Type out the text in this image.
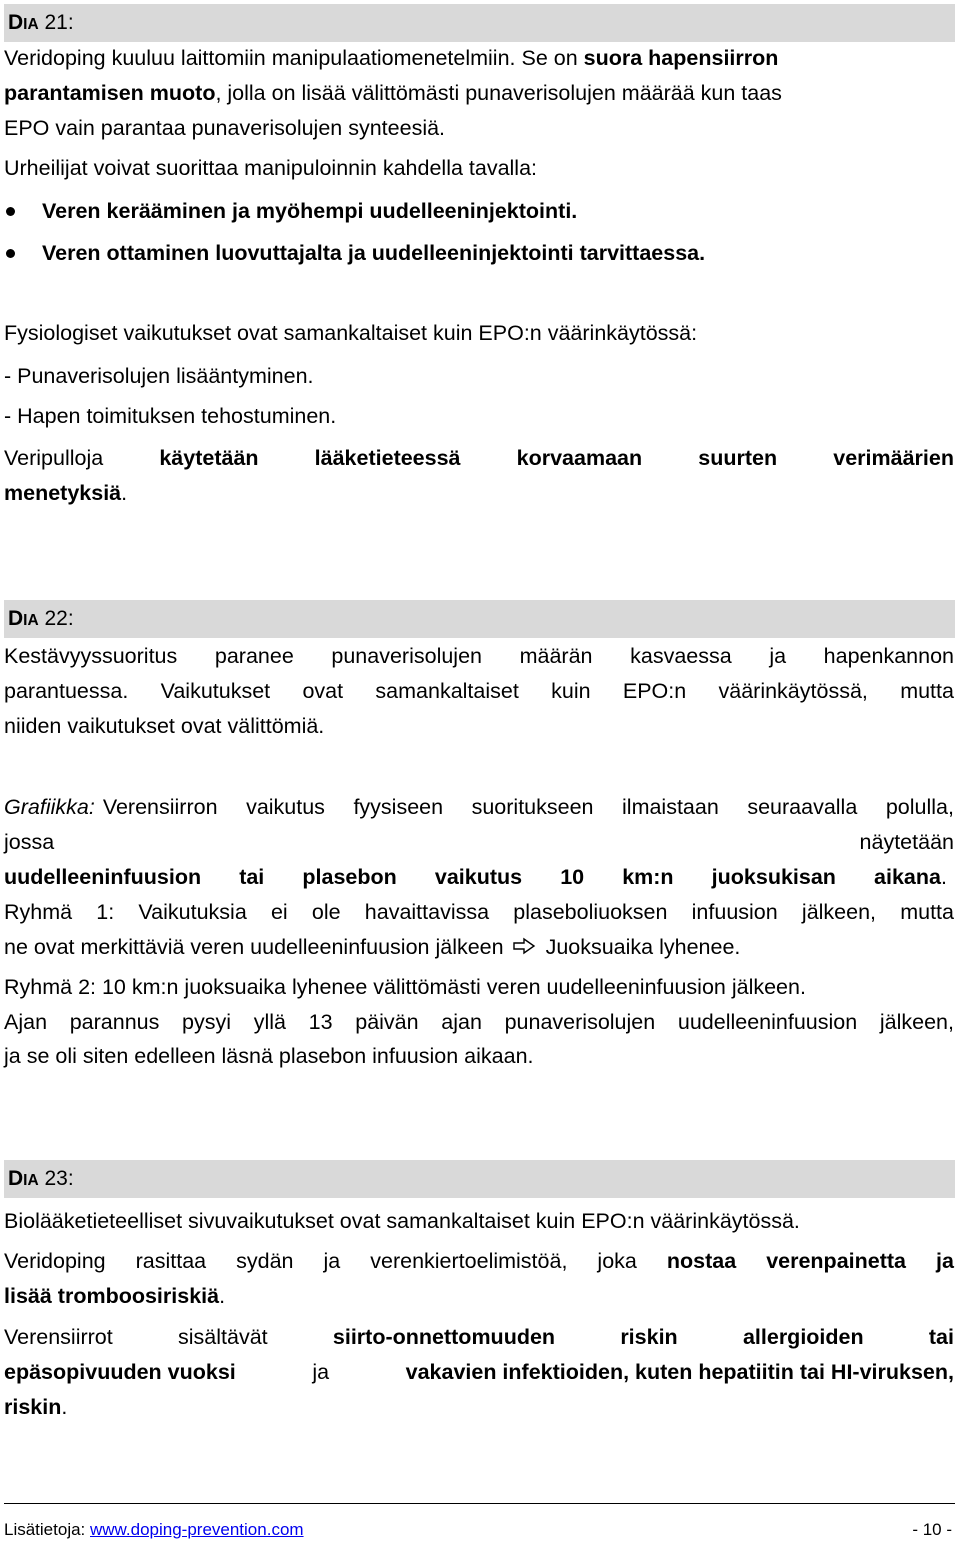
DIA 21:
Veridoping kuuluu laittomiin manipulaatiomenetelmiin. Se on suora hapensiirron
parantamisen muoto, jolla on lisää välittömästi punaverisolujen määrää kun taas
EPO vain parantaa punaverisolujen synteesiä.
Urheilijat voivat suorittaa manipuloinnin kahdella tavalla:
Veren kerääminen ja myöhempi uudelleeninjektointi.
Veren ottaminen luovuttajalta ja uudelleeninjektointi tarvittaessa.
Fysiologiset vaikutukset ovat samankaltaiset kuin EPO:n väärinkäytössä:
- Punaverisolujen lisääntyminen.
- Hapen toimituksen tehostuminen.
Veripulloja	käytetään	lääketieteessä	korvaamaan	suurten	verimäärien
menetyksiä.
DIA 22:
Kestävyyssuoritus paranee punaverisolujen määrän kasvaessa ja hapenkannon
parantuessa. Vaikutukset ovat samankaltaiset kuin EPO:n väärinkäytössä, mutta
niiden vaikutukset ovat välittömiä.
Grafiikka: Verensiirron vaikutus fyysiseen suoritukseen ilmaistaan seuraavalla polulla,
jossa	näytetään
uudelleeninfuusion tai plasebon vaikutus 10 km:n juoksukisan aikana .
Ryhmä 1: Vaikutuksia ei ole havaittavissa plaseboliuoksen infuusion jälkeen, mutta
ne ovat merkittäviä veren uudelleeninfuusion jälkeen Juoksuaika lyhenee.
Ryhmä 2: 10 km:n juoksuaika lyhenee välittömästi veren uudelleeninfuusion jälkeen.
Ajan parannus pysyi yllä 13 päivän ajan punaverisolujen uudelleeninfuusion jälkeen,
ja se oli siten edelleen läsnä plasebon infuusion aikaan.
DIA 23:
Biolääketieteelliset sivuvaikutukset ovat samankaltaiset kuin EPO:n väärinkäytössä.
Veridoping rasittaa sydän ja verenkiertoelimistöä, joka nostaa verenpainetta ja
lisää tromboosiriskiä.
Verensiirrot	sisältävät	siirto-onnettomuuden	riskin	allergioiden	tai
epäsopivuuden vuoksi	ja	vakavien infektioiden, kuten hepatiitin tai HI-viruksen,
riskin.
Lisätietoja: www.doping-prevention.com	- 10 -
